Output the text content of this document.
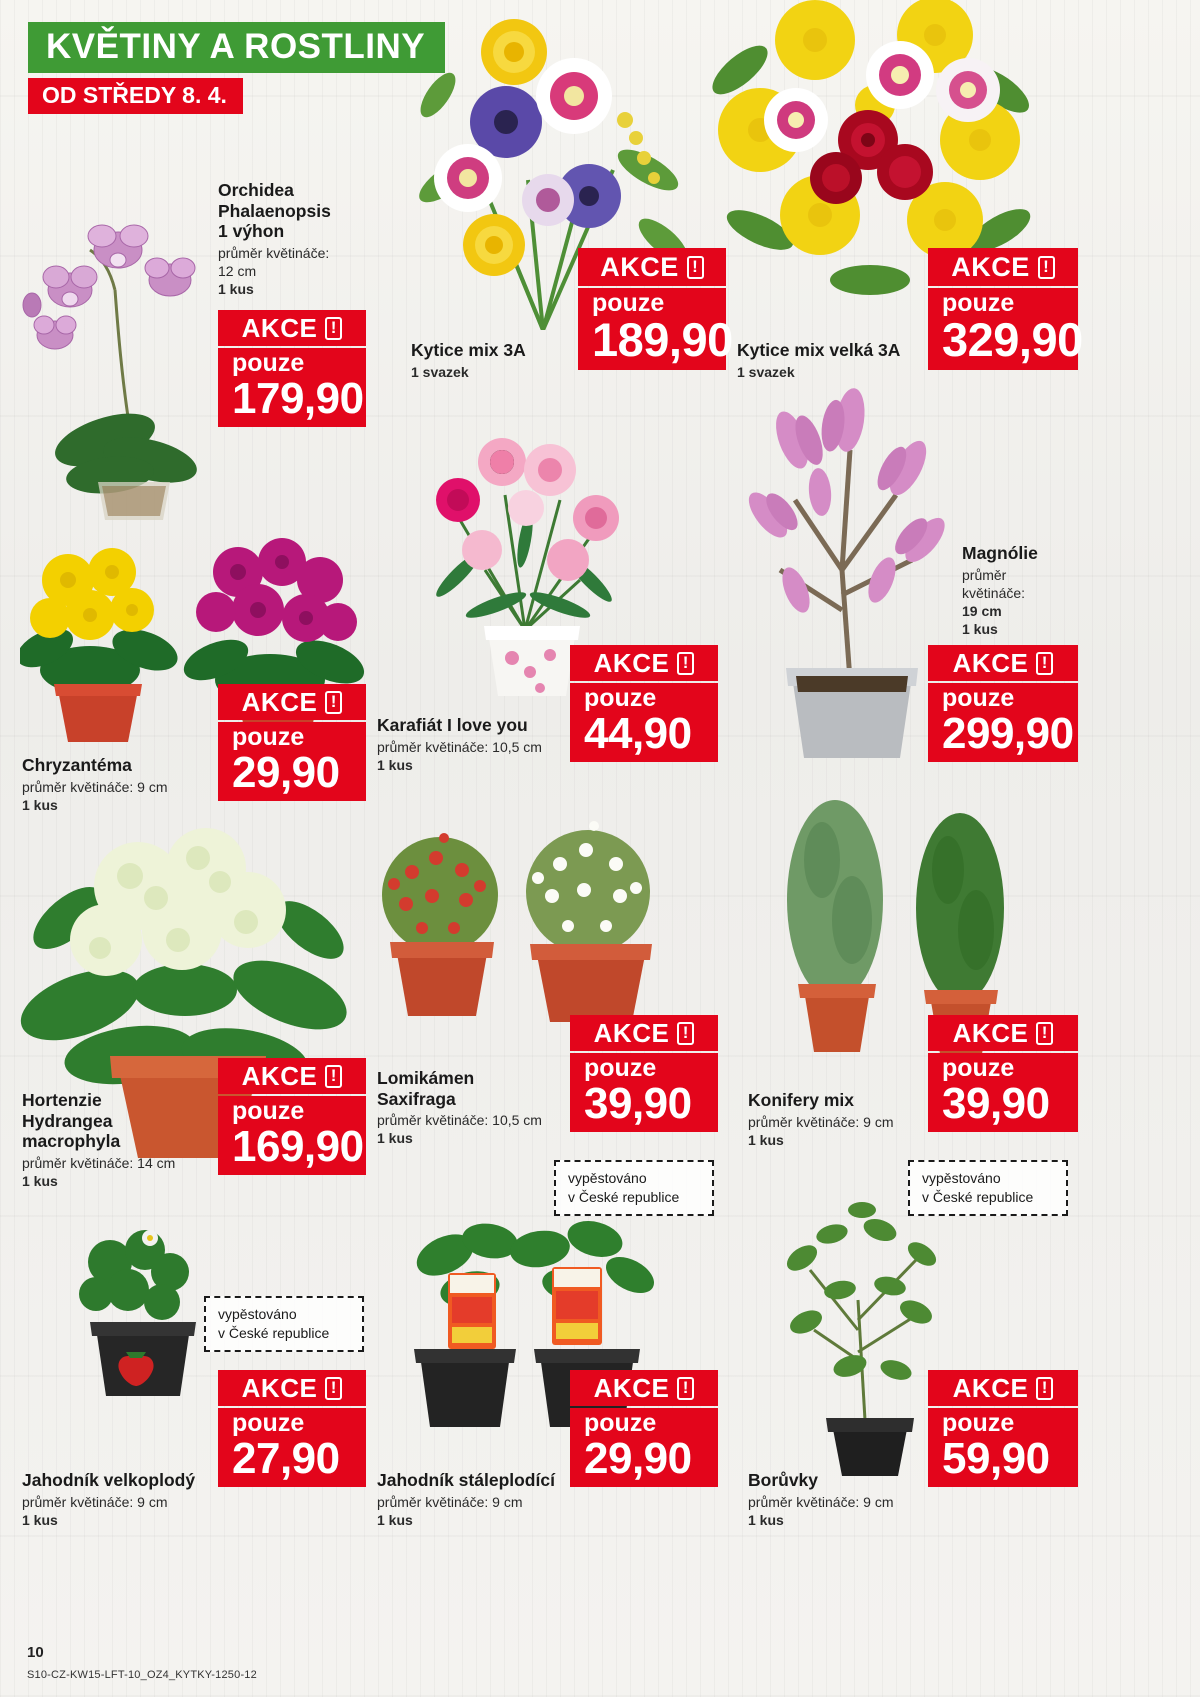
KVĚTINY A ROSTLINY
OD STŘEDY 8. 4.
Orchidea
Phalaenopsis
1 výhon
průměr květináče:
12 cm
1 kus
Kytice mix 3A
1 svazek
Kytice mix velká 3A
1 svazek
Chryzantéma
průměr květináče: 9 cm
1 kus
Karafiát I love you
průměr květináče: 10,5 cm
1 kus
Magnólie
průměr
květináče:
19 cm
1 kus
Hortenzie
Hydrangea
macrophyla
průměr květináče: 14 cm
1 kus
Lomikámen
Saxifraga
průměr květináče: 10,5 cm
1 kus
Konifery mix
průměr květináče: 9 cm
1 kus
Jahodník velkoplodý
průměr květináče: 9 cm
1 kus
Jahodník stáleplodící
průměr květináče: 9 cm
1 kus
Borůvky
průměr květináče: 9 cm
1 kus
AKCE
!
pouze
179,90
AKCE
!
pouze
189,90
AKCE
!
pouze
329,90
AKCE
!
pouze
29,90
AKCE
!
pouze
44,90
AKCE
!
pouze
299,90
AKCE
!
pouze
169,90
AKCE
!
pouze
39,90
AKCE
!
pouze
39,90
AKCE
!
pouze
27,90
AKCE
!
pouze
29,90
AKCE
!
pouze
59,90
vypěstováno
v České republice
vypěstováno
v České republice
vypěstováno
v České republice
10
S10-CZ-KW15-LFT-10_OZ4_KYTKY-1250-12
